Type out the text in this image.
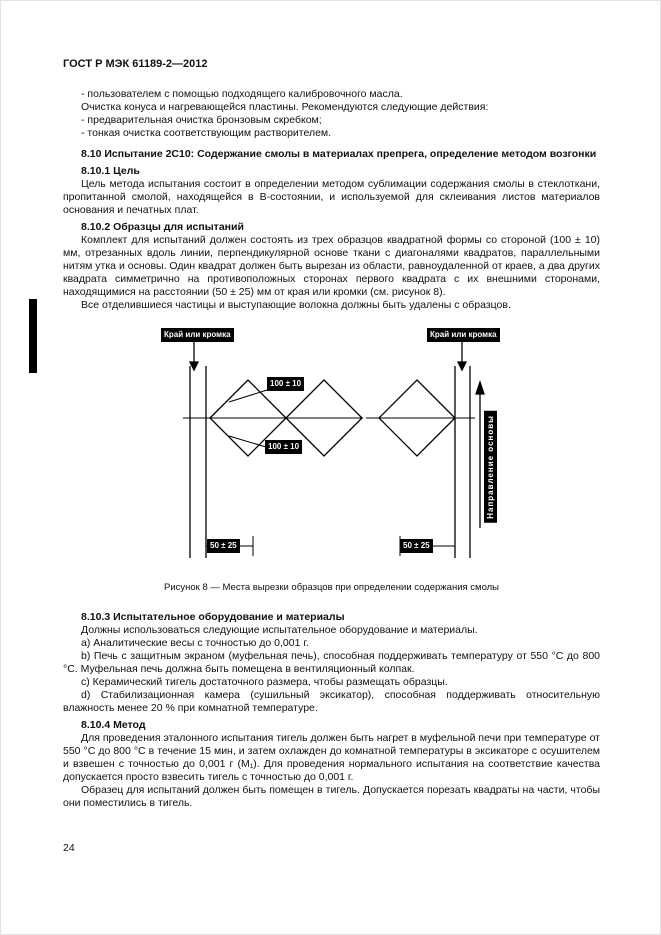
ГОСТ Р МЭК 61189-2—2012

- пользователем с помощью подходящего калибровочного масла.

Очистка конуса и нагревающейся пластины. Рекомендуются следующие действия:

- предварительная очистка бронзовым скребком;

- тонкая очистка соответствующим растворителем.

8.10 Испытание 2С10: Содержание смолы в материалах препрега, определение методом возгонки

8.10.1 Цель

Цель метода испытания состоит в определении методом сублимации содержания смолы в стеклоткани, пропитанной смолой, находящейся в В-состоянии, и используемой для склеивания листов материалов основания и печатных плат.

8.10.2 Образцы для испытаний

Комплект для испытаний должен состоять из трех образцов квадратной формы со стороной (100 ± 10) мм, отрезанных вдоль линии, перпендикулярной основе ткани с диагоналями квадратов, параллельными нитям утка и основы. Один квадрат должен быть вырезан из области, равноудаленной от краев, а два других квадрата симметрично на противоположных сторонах первого квадрата с их внешними сторонами, находящимися на расстоянии (50 ± 25) мм от края или кромки (см. рисунок 8).

Все отделившиеся частицы и выступающие волокна должны быть удалены с образцов.

Край или кромка	Край или кромка
100 ± 10
100 ± 10
50 ± 25	50 ± 25
Направление основы
Рисунок 8 — Места вырезки образцов при определении содержания смолы

8.10.3 Испытательное оборудование и материалы

Должны использоваться следующие испытательное оборудование и материалы.

a) Аналитические весы с точностью до 0,001 г.

b) Печь с защитным экраном (муфельная печь), способная поддерживать температуру от 550 °С до 800 °С. Муфельная печь должна быть помещена в вентиляционный колпак.

c) Керамический тигель достаточного размера, чтобы размещать образцы.

d) Стабилизационная камера (сушильный эксикатор), способная поддерживать относительную влажность менее 20 % при комнатной температуре.

8.10.4 Метод

Для проведения эталонного испытания тигель должен быть нагрет в муфельной печи при температуре от 550 °С до 800 °С в течение 15 мин, и затем охлажден до комнатной температуры в эксикаторе с осушителем и взвешен с точностью до 0,001 г (M₁). Для проведения нормального испытания на соответствие качества допускается просто взвесить тигель с точностью до 0,001 г.

Образец для испытаний должен быть помещен в тигель. Допускается порезать квадраты на части, чтобы они поместились в тигель.

24
